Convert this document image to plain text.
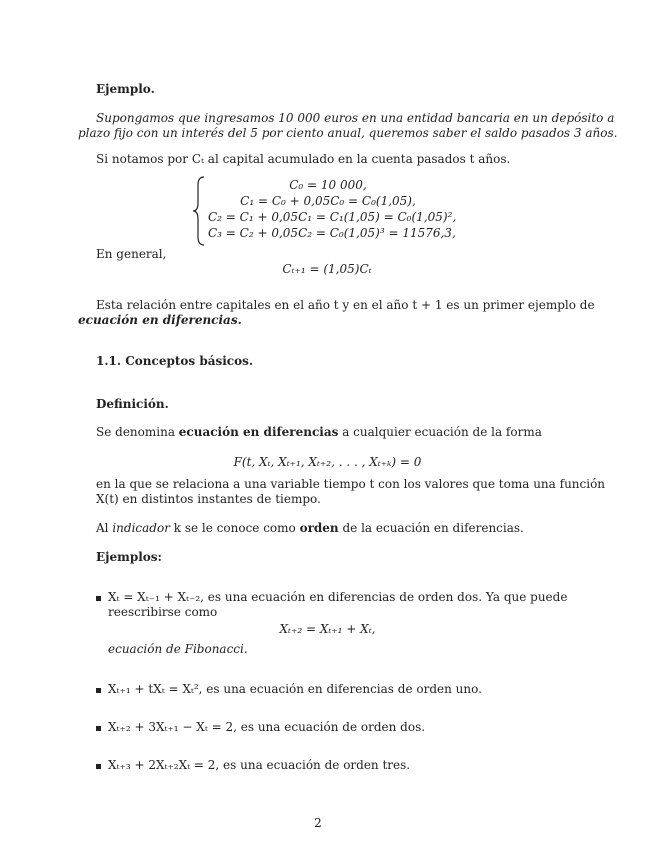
Ejemplo.
Supongamos que ingresamos 10 000 euros en una entidad bancaria en un depósito a
plazo fijo con un interés del 5 por ciento anual, queremos saber el saldo pasados 3 años.
Si notamos por Cₜ al capital acumulado en la cuenta pasados t años.
C₀ = 10 000,
C₁ = C₀ + 0,05C₀ = C₀(1,05),
C₂ = C₁ + 0,05C₁ = C₁(1,05) = C₀(1,05)²,
C₃ = C₂ + 0,05C₂ = C₀(1,05)³ = 11576,3,
En general,
Cₜ₊₁ = (1,05)Cₜ
Esta relación entre capitales en el año t y en el año t + 1 es un primer ejemplo de
ecuación en diferencias.
1.1. Conceptos básicos.
Definición.
Se denomina ecuación en diferencias a cualquier ecuación de la forma
F(t, Xₜ, Xₜ₊₁, Xₜ₊₂, . . . , Xₜ₊ₖ) = 0
en la que se relaciona a una variable tiempo t con los valores que toma una función
X(t) en distintos instantes de tiempo.
Al indicador k se le conoce como orden de la ecuación en diferencias.
Ejemplos:
Xₜ = Xₜ₋₁ + Xₜ₋₂, es una ecuación en diferencias de orden dos. Ya que puede
reescribirse como
Xₜ₊₂ = Xₜ₊₁ + Xₜ,
ecuación de Fibonacci.
Xₜ₊₁ + tXₜ = Xₜ², es una ecuación en diferencias de orden uno.
Xₜ₊₂ + 3Xₜ₊₁ − Xₜ = 2, es una ecuación de orden dos.
Xₜ₊₃ + 2Xₜ₊₂Xₜ = 2, es una ecuación de orden tres.
2
